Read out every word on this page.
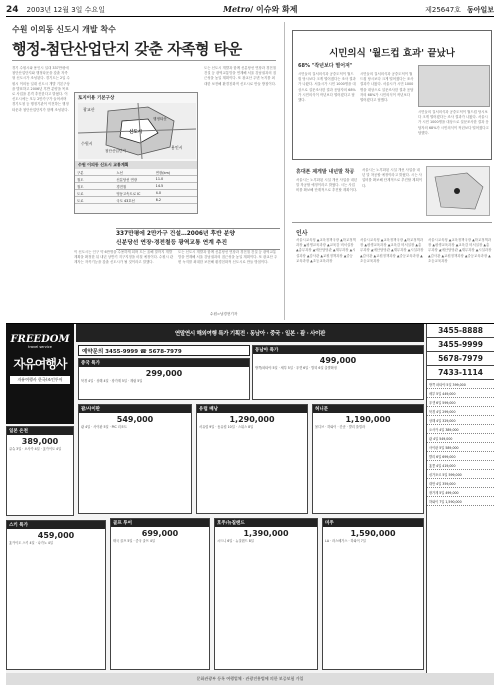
24 2003년 12월 3일 수요일	Metro/ 이슈와 화제	제25647호 동아일보
수원 이의동 신도시 개발 착수
행정-첨단산업단지 갖춘 자족형 타운
경기 수원시와 용인시 일대 337만평에 첨단산업단지와 행정타운을 갖춘 자족형 신도시가 조성된다. 경기도는 2일 수원시 이의동 일대 신도시 개발 기본구상을 발표하고 2006년 후반 분양을 목표로 사업을 본격 추진한다고 밝혔다. 이 신도시에는 모두 2만가구가 들어서며 경기도청 등 행정기관이 이전하는 행정타운과 첨단산업단지가 함께 조성된다.
토지이용 기본구상
광교산
수원시
용인시
신도시
행정타운
첨단산업단지
수원 이의동 신도시 교통계획
구분	노선	연장(km)
철도	신분당선 연장	11.0
철도	경전철	14.5
도로	영동고속도로 IC	4.0
도로	국도 43호선	6.2
도는 신도시 개발과 함께 신분당선 연장과 경전철 건설 등 광역교통망을 연계해 서울 강남권과의 접근성을 높일 계획이다. 또 광교산 주변 녹지를 최대한 보전해 환경친화적 신도시로 만들 방침이다.
337만평에 2만가구 건설…2006년 후반 분양
신분당선 연장·경전철등 광역교통 연계 추진
이 신도시는 인구 약 6만명을 수용하게 되며 도는 올해 말까지 개발계획을 확정한 뒤 내년 상반기 지구지정을 마칠 예정이다. 수원시 관계자는 자족기능을 갖춘 신도시가 될 것이라고 말했다.
도는 신도시 개발과 함께 신분당선 연장과 경전철 건설 등 광역교통망을 연계해 서울 강남권과의 접근성을 높일 계획이다. 또 광교산 주변 녹지를 최대한 보전해 환경친화적 신도시로 만들 방침이다.
수원=남경현기자
시민의식 '월드컵 효과' 끝났나
68% "작년보다 떨어져"
시민들의 질서의식과 공중도덕이 월드컵 당시보다 크게 떨어졌다는 조사 결과가 나왔다. 서울시가 시민 1000명을 대상으로 설문조사한 결과 응답자의 68%가 시민의식이 작년보다 떨어졌다고 답했다.
시민들의 질서의식과 공중도덕이 월드컵 당시보다 크게 떨어졌다는 조사 결과가 나왔다. 서울시가 시민 1000명을 대상으로 설문조사한 결과 응답자의 68%가 시민의식이 작년보다 떨어졌다고 답했다.
시민들의 질서의식과 공중도덕이 월드컵 당시보다 크게 떨어졌다는 조사 결과가 나왔다. 서울시가 시민 1000명을 대상으로 설문조사한 결과 응답자의 68%가 시민의식이 작년보다 떨어졌다고 답했다.
휴대폰 제게발 내년말 착공
서울시는 노후화된 시설 개선 사업을 내년 말 착공할 예정이라고 밝혔다. 시는 사업비를 확보해 단계적으로 추진할 계획이다.
서울시는 노후화된 시설 개선 사업을 내년 말 착공할 예정이라고 밝혔다. 시는 사업비를 확보해 단계적으로 추진할 계획이다.
인사
서울시교육청 ▲교육정책국장 ▲학교정책과장 ▲평생교육과장 ▲교육감 비서실장 ▲총무과장 ▲예산담당관 ▲재무과장 ▲시설과장 ▲감사관 ▲교원정책과장 ▲중등교육과장 ▲초등교육과장
서울시교육청 ▲교육정책국장 ▲학교정책과장 ▲평생교육과장 ▲교육감 비서실장 ▲총무과장 ▲예산담당관 ▲재무과장 ▲시설과장 ▲감사관 ▲교원정책과장 ▲중등교육과장 ▲초등교육과장
서울시교육청 ▲교육정책국장 ▲학교정책과장 ▲평생교육과장 ▲교육감 비서실장 ▲총무과장 ▲예산담당관 ▲재무과장 ▲시설과장 ▲감사관 ▲교원정책과장 ▲중등교육과장 ▲초등교육과장
FREEDOM
travel service
자유여행사
자유여행사 한국/조인투어
연말연시 해외여행 특가 기획전 · 동남아 · 중국 · 일본 · 괌 · 사이판
예약문의 3455-9999 ☎ 5678-7979	동남아 특가
499,000
방콕/파타야 5일 · 세부 5일 · 푸켓 6일 · 발리 6일 출발확정
중국 특가
299,000
북경 4일 · 상해 4일 · 장가계 5일 · 계림 5일
일본 온천
389,000
큐슈 3일 · 오사카 4일 · 홋카이도 4일
괌/사이판
549,000
괌 4일 · 사이판 5일 · PIC 리조트
유럽 배낭
1,290,000
서유럽 9일 · 동유럽 10일 · 스위스 8일
허니문
1,190,000
몰디브 · 하와이 · 칸쿤 · 발리 풀빌라
스키 특가
459,000
홋카이도 스키 4일 · 나가노 4일
골프 투어
699,000
태국 골프 5일 · 중국 골프 4일
호주/뉴질랜드
1,390,000
시드니 6일 · 뉴질랜드 8일
미주
1,590,000
LA · 라스베가스 · 하와이 7일
3455-8888
3455-9999
5678-7979
7433-1114
방콕 파타야 5일 399,000
세부 5일 449,000
푸켓 6일 599,000
북경 4일 299,000
상해 4일 329,000
오사카 4일 389,000
괌 4일 549,000
사이판 5일 589,000
발리 6일 699,000
홍콩 4일 419,000
싱가포르 5일 599,000
대만 4일 359,000
장가계 5일 499,000
하와이 7일 1,590,000
문화관광부 등록 여행업체 · 관광진흥법에 의한 보증보험 가입
